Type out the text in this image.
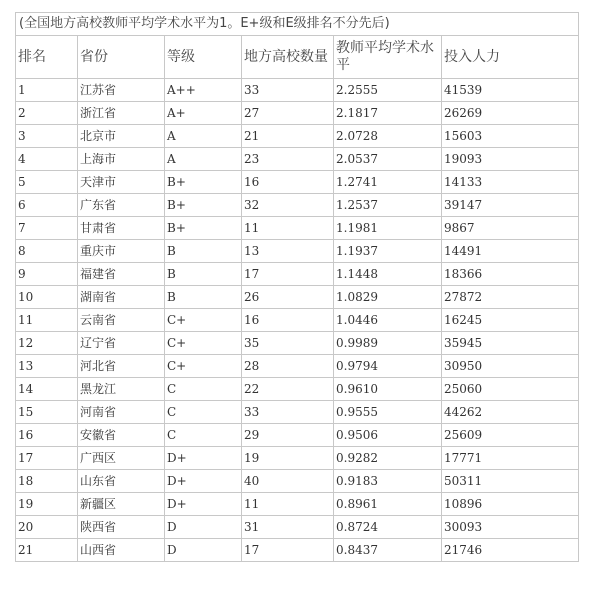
(全国地方高校教师平均学术水平为1。E+级和E级排名不分先后)					
排名	省份	等级	地方高校数量	教师平均学术水平	投入人力
1	江苏省	A++	33	2.2555	41539
2	浙江省	A+	27	2.1817	26269
3	北京市	A	21	2.0728	15603
4	上海市	A	23	2.0537	19093
5	天津市	B+	16	1.2741	14133
6	广东省	B+	32	1.2537	39147
7	甘肃省	B+	11	1.1981	9867
8	重庆市	B	13	1.1937	14491
9	福建省	B	17	1.1448	18366
10	湖南省	B	26	1.0829	27872
11	云南省	C+	16	1.0446	16245
12	辽宁省	C+	35	0.9989	35945
13	河北省	C+	28	0.9794	30950
14	黑龙江	C	22	0.9610	25060
15	河南省	C	33	0.9555	44262
16	安徽省	C	29	0.9506	25609
17	广西区	D+	19	0.9282	17771
18	山东省	D+	40	0.9183	50311
19	新疆区	D+	11	0.8961	10896
20	陕西省	D	31	0.8724	30093
21	山西省	D	17	0.8437	21746
